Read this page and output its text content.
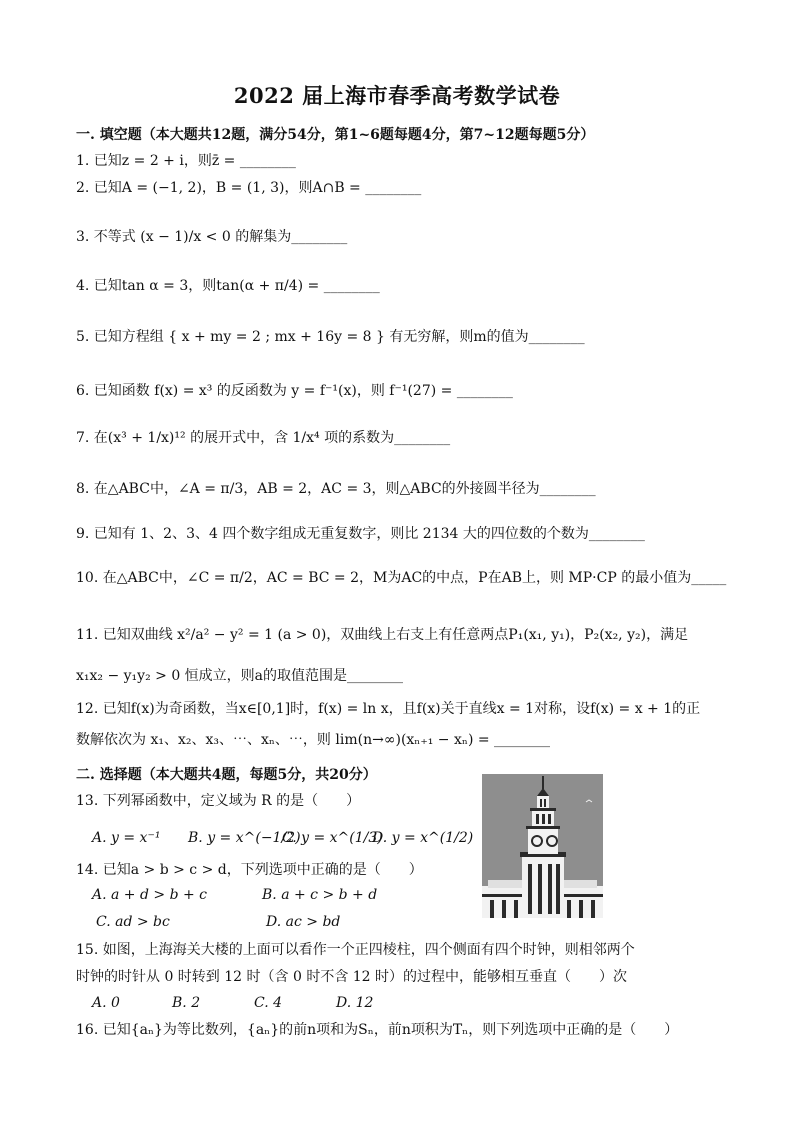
2022 届上海市春季高考数学试卷
一. 填空题（本大题共12题，满分54分，第1~6题每题4分，第7~12题每题5分）
1. 已知z = 2 + i，则z̄ = ________
2. 已知A = (−1, 2)，B = (1, 3)，则A∩B = ________
3. 不等式 (x − 1)/x < 0 的解集为________
4. 已知tan α = 3，则tan(α + π/4) = ________
5. 已知方程组 { x + my = 2 ; mx + 16y = 8 } 有无穷解，则m的值为________
6. 已知函数 f(x) = x³ 的反函数为 y = f⁻¹(x)，则 f⁻¹(27) = ________
7. 在(x³ + 1/x)¹² 的展开式中，含 1/x⁴ 项的系数为________
8. 在△ABC中，∠A = π/3，AB = 2，AC = 3，则△ABC的外接圆半径为________
9. 已知有 1、2、3、4 四个数字组成无重复数字，则比 2134 大的四位数的个数为________
10. 在△ABC中，∠C = π/2，AC = BC = 2，M为AC的中点，P在AB上，则 MP·CP 的最小值为_____
11. 已知双曲线 x²/a² − y² = 1 (a > 0)，双曲线上右支上有任意两点P₁(x₁, y₁)，P₂(x₂, y₂)，满足
x₁x₂ − y₁y₂ > 0 恒成立，则a的取值范围是________
12. 已知f(x)为奇函数，当x∈[0,1]时，f(x) = ln x，且f(x)关于直线x = 1对称，设f(x) = x + 1的正
数解依次为 x₁、x₂、x₃、⋯、xₙ、⋯，则 lim(n→∞)(xₙ₊₁ − xₙ) = ________
二. 选择题（本大题共4题，每题5分，共20分）
13. 下列幂函数中，定义域为 R 的是（　　）
A. y = x⁻¹ B. y = x^(−1/2)
C. y = x^(1/3)
D. y = x^(1/2)
14. 已知a > b > c > d，下列选项中正确的是（　　）
A. a + d > b + c	B. a + c > b + d
C. ad > bc	D. ac > bd
15. 如图，上海海关大楼的上面可以看作一个正四棱柱，四个侧面有四个时钟，则相邻两个
时钟的时针从 0 时转到 12 时（含 0 时不含 12 时）的过程中，能够相互垂直（　　）次
A. 0	B. 2	C. 4	D. 12
16. 已知{aₙ}为等比数列，{aₙ}的前n项和为Sₙ，前n项积为Tₙ，则下列选项中正确的是（　　）
